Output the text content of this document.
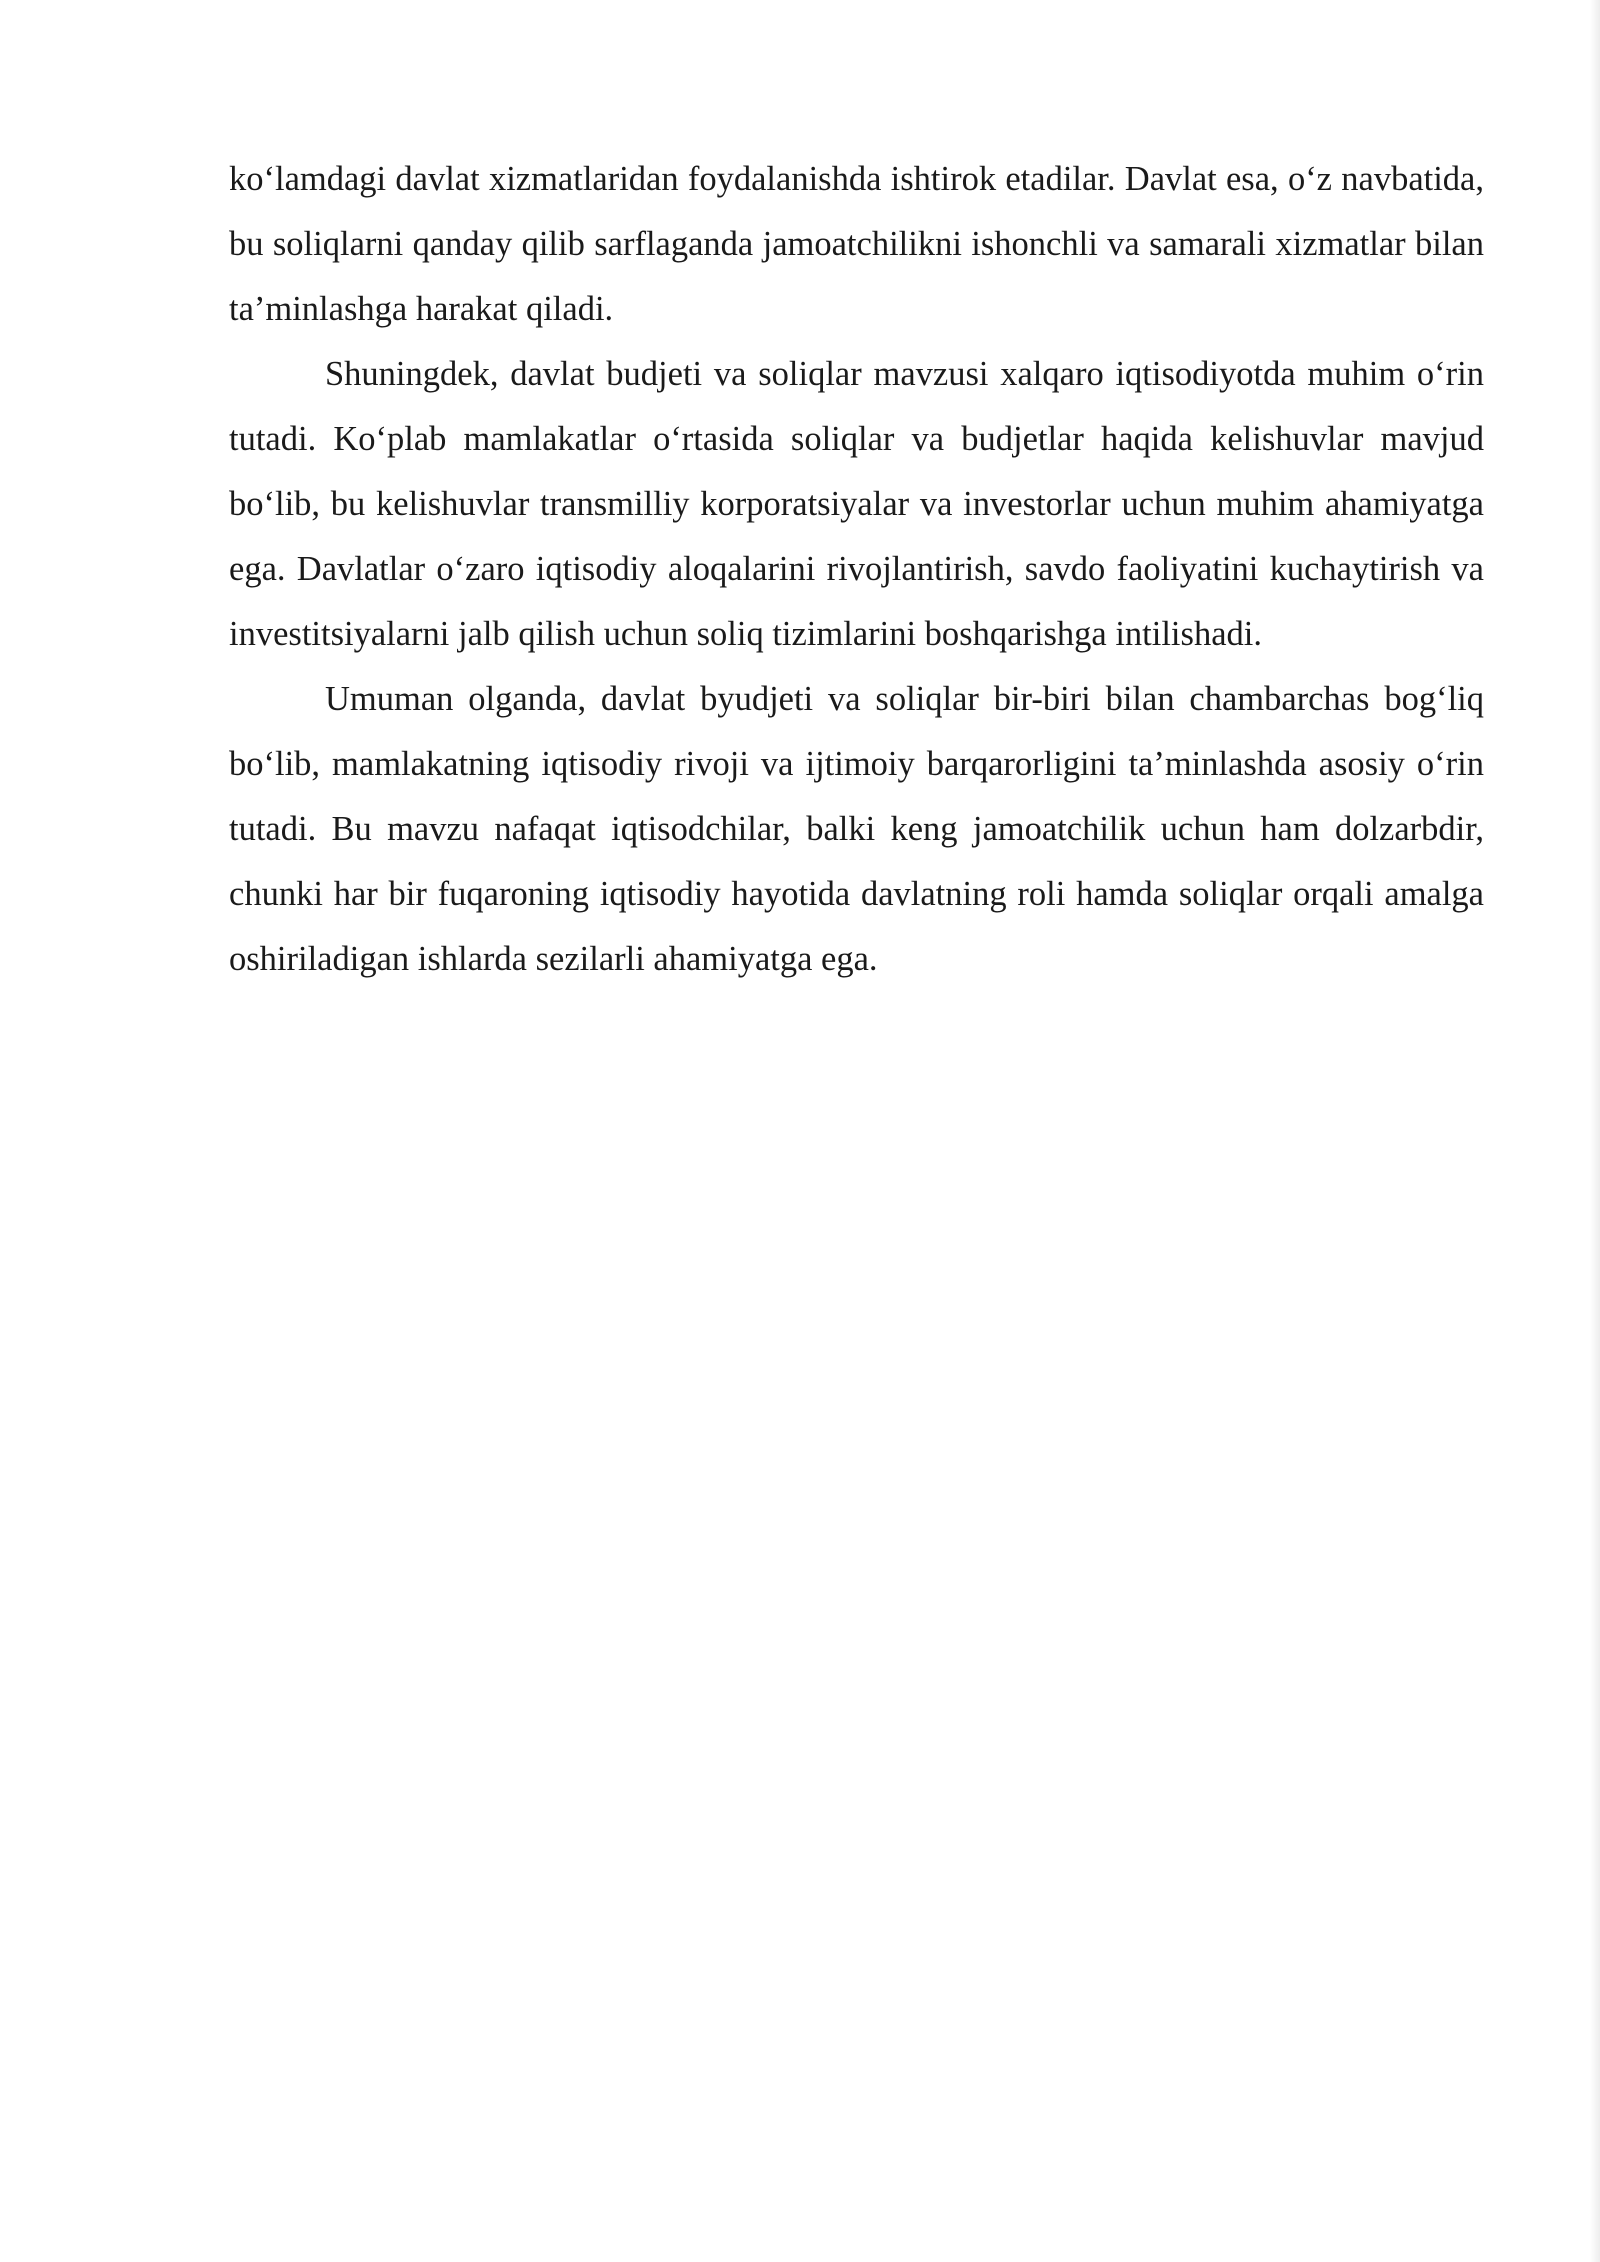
ko‘lamdagi davlat xizmatlaridan foydalanishda ishtirok etadilar. Davlat esa, o‘z navbatida, bu soliqlarni qanday qilib sarflaganda jamoatchilikni ishonchli va samarali xizmatlar bilan ta’minlashga harakat qiladi.

Shuningdek, davlat budjeti va soliqlar mavzusi xalqaro iqtisodiyotda muhim o‘rin tutadi. Ko‘plab mamlakatlar o‘rtasida soliqlar va budjetlar haqida kelishuvlar mavjud bo‘lib, bu kelishuvlar transmilliy korporatsiyalar va investorlar uchun muhim ahamiyatga ega. Davlatlar o‘zaro iqtisodiy aloqalarini rivojlantirish, savdo faoliyatini kuchaytirish va investitsiyalarni jalb qilish uchun soliq tizimlarini boshqarishga intilishadi.

Umuman olganda, davlat byudjeti va soliqlar bir-biri bilan chambarchas bog‘liq bo‘lib, mamlakatning iqtisodiy rivoji va ijtimoiy barqarorligini ta’minlashda asosiy o‘rin tutadi. Bu mavzu nafaqat iqtisodchilar, balki keng jamoatchilik uchun ham dolzarbdir, chunki har bir fuqaroning iqtisodiy hayotida davlatning roli hamda soliqlar orqali amalga oshiriladigan ishlarda sezilarli ahamiyatga ega.
